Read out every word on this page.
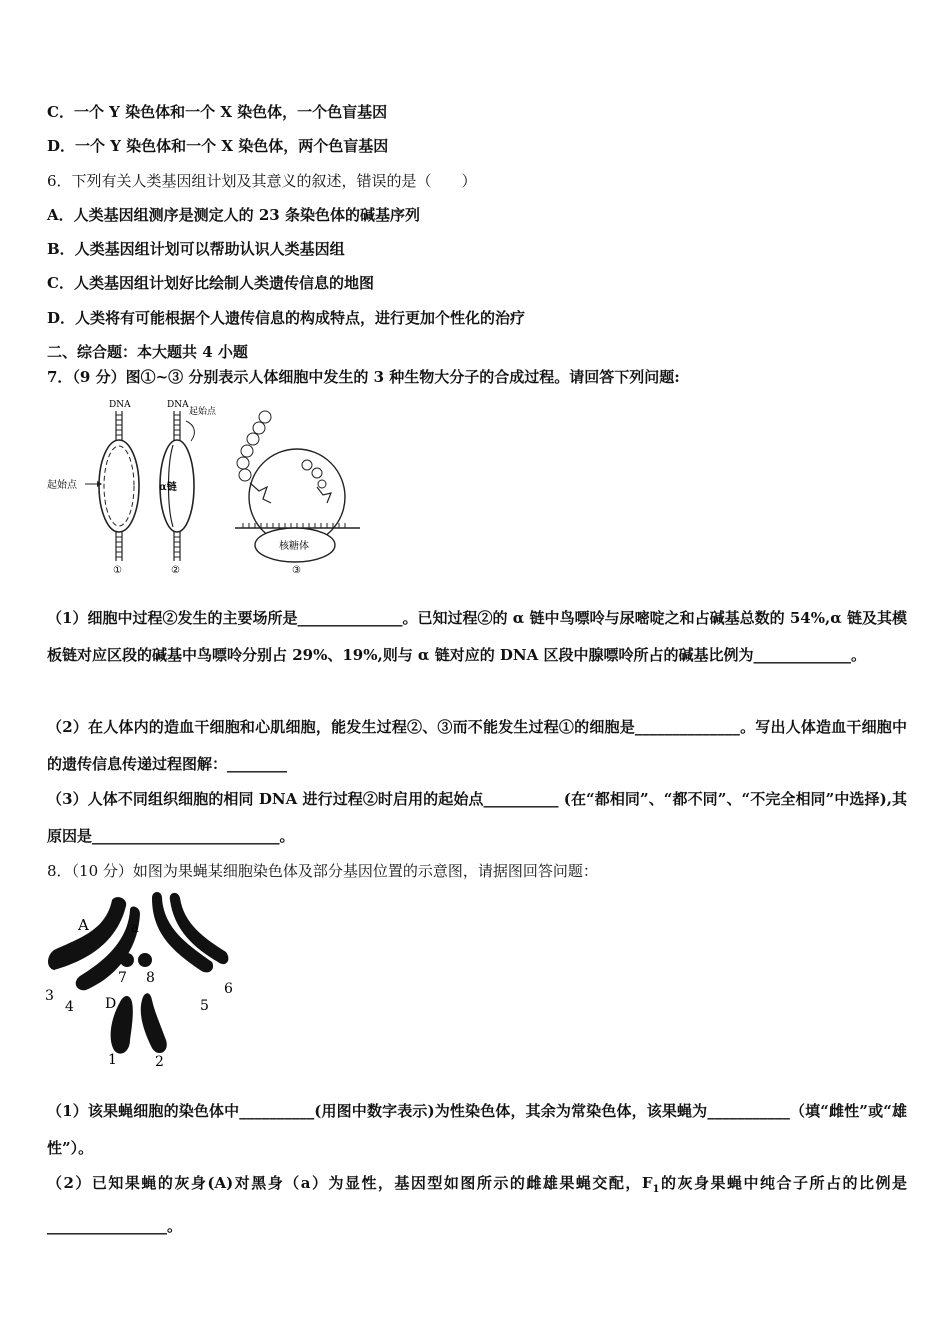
C．一个 Y 染色体和一个 X 染色体，一个色盲基因
D．一个 Y 染色体和一个 X 染色体，两个色盲基因
6．下列有关人类基因组计划及其意义的叙述，错误的是（　　）
A．人类基因组测序是测定人的 23 条染色体的碱基序列
B．人类基因组计划可以帮助认识人类基因组
C．人类基因组计划好比绘制人类遗传信息的地图
D．人类将有可能根据个人遗传信息的构成特点，进行更加个性化的治疗
二、综合题：本大题共 4 小题
7．（9 分）图①~③ 分别表示人体细胞中发生的 3 种生物大分子的合成过程。请回答下列问题:
DNA
起始点
①
DNA
起始点
α链
②
核糖体
③
（1）细胞中过程②发生的主要场所是______________。已知过程②的 α 链中鸟嘌呤与尿嘧啶之和占碱基总数的 54%,α 链及其模板链对应区段的碱基中鸟嘌呤分别占 29%、19%,则与 α 链对应的 DNA 区段中腺嘌呤所占的碱基比例为_____________。
（2）在人体内的造血干细胞和心肌细胞，能发生过程②、③而不能发生过程①的细胞是______________。写出人体造血干细胞中的遗传信息传递过程图解：________
（3）人体不同组织细胞的相同 DNA 进行过程②时启用的起始点__________ (在“都相同”、“都不同”、“不完全相同”中选择),其原因是_________________________。
8．（10 分）如图为果蝇某细胞染色体及部分基因位置的示意图，请据图回答问题：
A	a
D
7 8
3
4	5
6
1	2
（1）该果蝇细胞的染色体中__________(用图中数字表示)为性染色体，其余为常染色体，该果蝇为___________（填“雌性”或“雄性”）。
（2）已知果蝇的灰身(A)对黑身（a）为显性，基因型如图所示的雌雄果蝇交配，$F_1$的灰身果蝇中纯合子所占的比例是________________。
